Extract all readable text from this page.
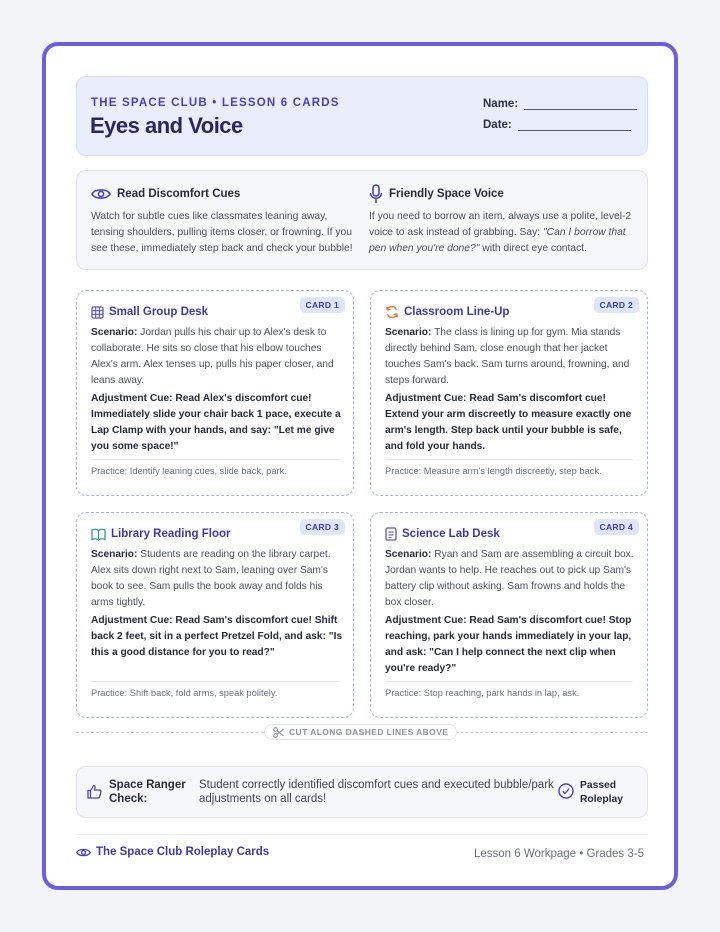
THE SPACE CLUB • LESSON 6 CARDS
Eyes and Voice
Name:
Date:
Read Discomfort Cues
Watch for subtle cues like classmates leaning away, tensing shoulders, pulling items closer, or frowning. If you see these, immediately step back and check your bubble!
Friendly Space Voice
If you need to borrow an item, always use a polite, level-2 voice to ask instead of grabbing. Say: "Can I borrow that pen when you're done?" with direct eye contact.
CARD 1
Small Group Desk
Scenario: Jordan pulls his chair up to Alex's desk to collaborate. He sits so close that his elbow touches Alex's arm. Alex tenses up, pulls his paper closer, and leans away.
Adjustment Cue: Read Alex's discomfort cue! Immediately slide your chair back 1 pace, execute a Lap Clamp with your hands, and say: "Let me give you some space!"
Practice: Identify leaning cues, slide back, park.
CARD 2
Classroom Line-Up
Scenario: The class is lining up for gym. Mia stands directly behind Sam, close enough that her jacket touches Sam's back. Sam turns around, frowning, and steps forward.
Adjustment Cue: Read Sam's discomfort cue! Extend your arm discreetly to measure exactly one arm's length. Step back until your bubble is safe, and fold your hands.
Practice: Measure arm's length discreetly, step back.
CARD 3
Library Reading Floor
Scenario: Students are reading on the library carpet. Alex sits down right next to Sam, leaning over Sam's book to see. Sam pulls the book away and folds his arms tightly.
Adjustment Cue: Read Sam's discomfort cue! Shift back 2 feet, sit in a perfect Pretzel Fold, and ask: "Is this a good distance for you to read?"
Practice: Shift back, fold arms, speak politely.
CARD 4
Science Lab Desk
Scenario: Ryan and Sam are assembling a circuit box. Jordan wants to help. He reaches out to pick up Sam's battery clip without asking. Sam frowns and holds the box closer.
Adjustment Cue: Read Sam's discomfort cue! Stop reaching, park your hands immediately in your lap, and ask: "Can I help connect the next clip when you're ready?"
Practice: Stop reaching, park hands in lap, ask.
CUT ALONG DASHED LINES ABOVE
Space Ranger Check:
Student correctly identified discomfort cues and executed bubble/park adjustments on all cards!
Passed Roleplay
The Space Club Roleplay Cards	Lesson 6 Workpage • Grades 3-5
